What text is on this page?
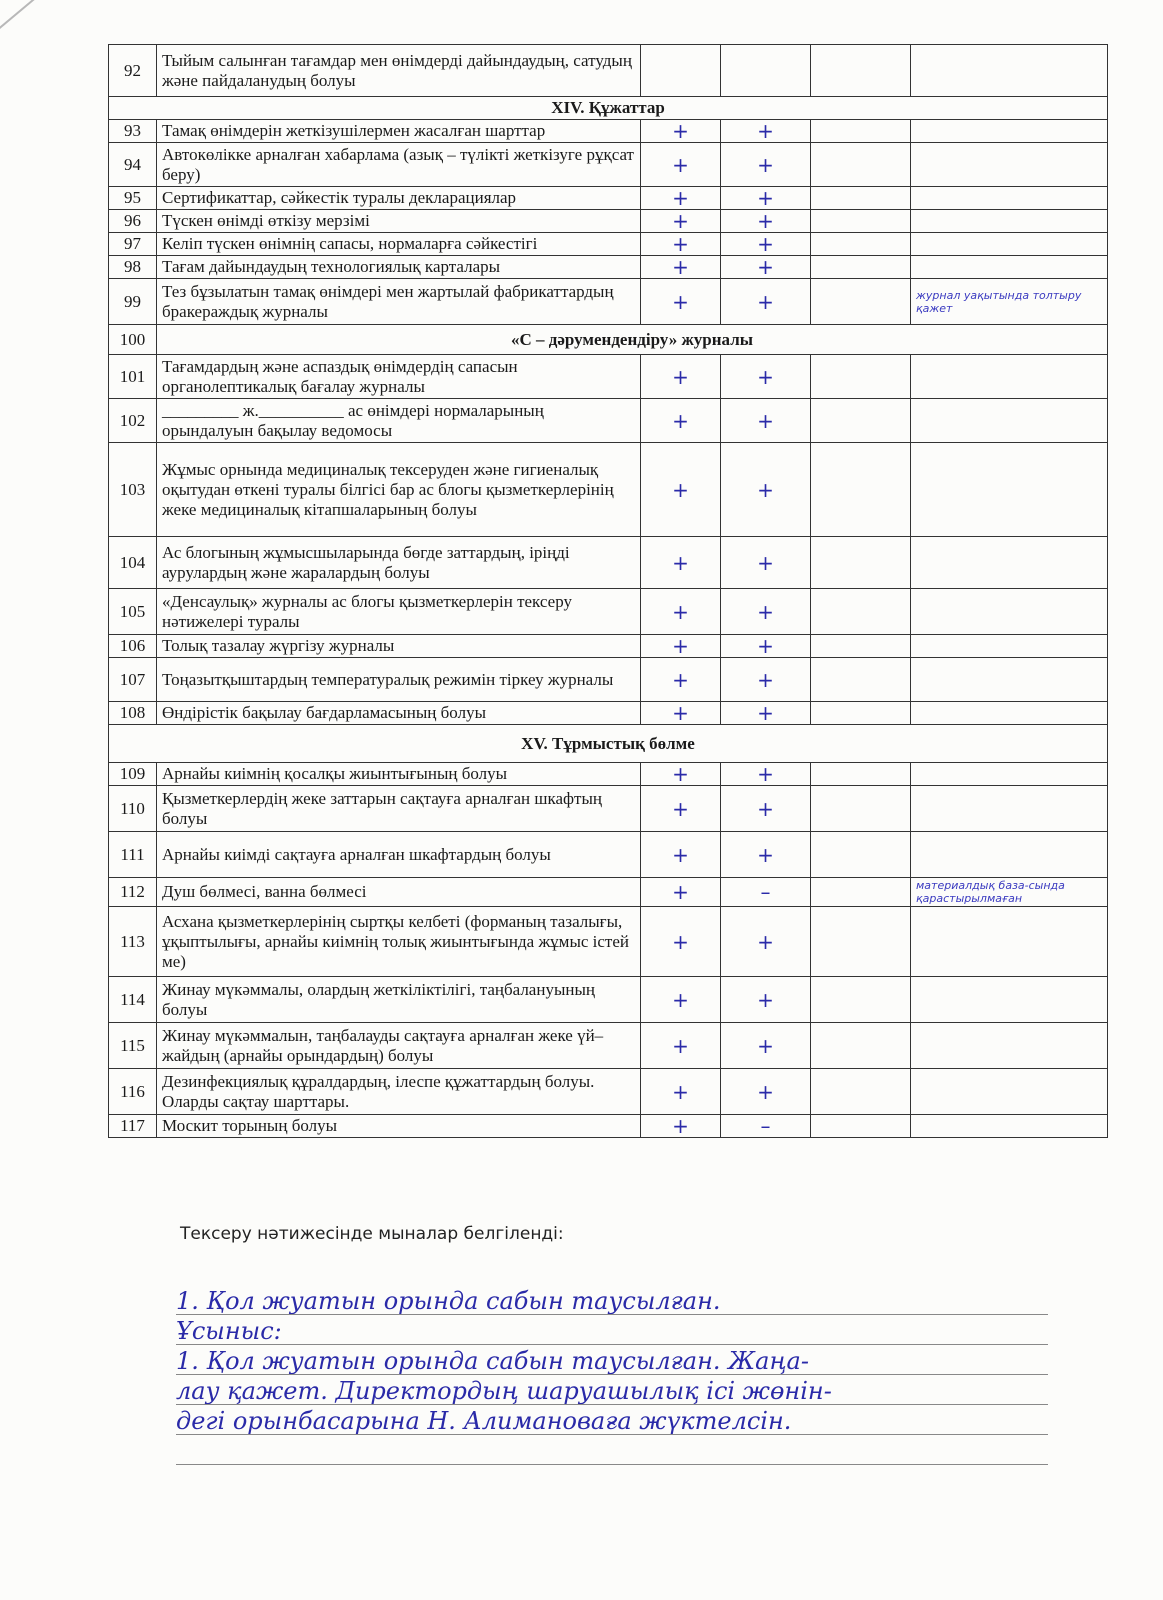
92	Тыйым салынған тағамдар мен өнімдерді дайындаудың, сатудың және пайдаланудың болуы				
XIV. Құжаттар					
93	Тамақ өнімдерін жеткізушілермен жасалған шарттар	+	+		
94	Автокөлікке арналған хабарлама (азық – түлікті жеткізуге рұқсат беру)	+	+		
95	Сертификаттар, сәйкестік туралы декларациялар	+	+		
96	Түскен өнімді өткізу мерзімі	+	+		
97	Келіп түскен өнімнің сапасы, нормаларға сәйкестігі	+	+		
98	Тағам дайындаудың технологиялық карталары	+	+		
99	Тез бұзылатын тамақ өнімдері мен жартылай фабрикаттардың бракераждық журналы	+	+		журнал уақытында толтыру қажет
100	«С – дәрумендендіру» журналы				
101	Тағамдардың және аспаздық өнімдердің сапасын органолептикалық бағалау журналы	+	+		
102	_________ ж.__________ ас өнімдері нормаларының орындалуын бақылау ведомосы	+	+		
103	Жұмыс орнында медициналық тексеруден және гигиеналық оқытудан өткені туралы білгісі бар ас блогы қызметкерлерінің жеке медициналық кітапшаларының болуы	+	+		
104	Ас блогының жұмысшыларында бөгде заттардың, іріңді аурулардың және жаралардың болуы	+	+		
105	«Денсаулық» журналы ас блогы қызметкерлерін тексеру нәтижелері туралы	+	+		
106	Толық тазалау жүргізу журналы	+	+		
107	Тоңазытқыштардың температуралық режимін тіркеу журналы	+	+		
108	Өндірістік бақылау бағдарламасының болуы	+	+		
XV. Тұрмыстық бөлме					
109	Арнайы киімнің қосалқы жиынтығының болуы	+	+		
110	Қызметкерлердің жеке заттарын сақтауға арналған шкафтың болуы	+	+		
111	Арнайы киімді сақтауға арналған шкафтардың болуы	+	+		
112	Душ бөлмесі, ванна бөлмесі	+	–		материалдық база-сында қарастырылмаған
113	Асхана қызметкерлерінің сыртқы келбеті (форманың тазалығы, ұқыптылығы, арнайы киімнің толық жиынтығында жұмыс істей ме)	+	+		
114	Жинау мүкәммалы, олардың жеткіліктілігі, таңбалануының болуы	+	+		
115	Жинау мүкәммалын, таңбалауды сақтауға арналған жеке үй–жайдың (арнайы орындардың) болуы	+	+		
116	Дезинфекциялық құралдардың, ілеспе құжаттардың болуы. Оларды сақтау шарттары.	+	+		
117	Москит торының болуы	+	–		
Тексеру нәтижесінде мыналар белгіленді:
1. Қол жуатын орында сабын таусылған.
Ұсыныс:
1. Қол жуатын орында сабын таусылған. Жаңа-
лау қажет. Директордың шаруашылық ісі жөнін-
дегі орынбасарына Н. Алимановаға жүктелсін.
